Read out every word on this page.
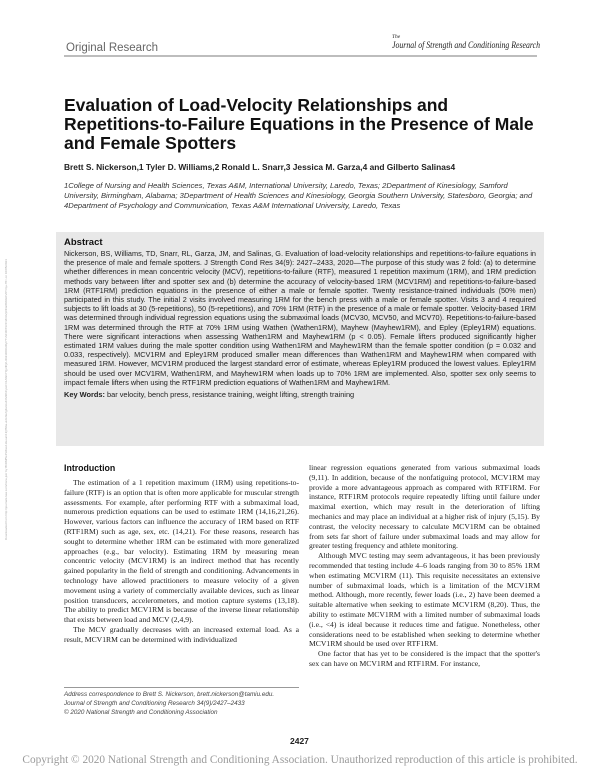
Original Research
The
Journal of Strength and Conditioning Research
Evaluation of Load-Velocity Relationships and Repetitions-to-Failure Equations in the Presence of Male and Female Spotters
Brett S. Nickerson,1 Tyler D. Williams,2 Ronald L. Snarr,3 Jessica M. Garza,4 and Gilberto Salinas4
1College of Nursing and Health Sciences, Texas A&M, International University, Laredo, Texas; 2Department of Kinesiology, Samford University, Birmingham, Alabama; 3Department of Health Sciences and Kinesiology, Georgia Southern University, Statesboro, Georgia; and 4Department of Psychology and Communication, Texas A&M International University, Laredo, Texas
Downloaded from http://journals.lww.com/nsca-jscr by BhDMf5ePHKav1zEoum1tQfN4a+kJLhEZgbsIHo4XMi0hCywCX1AWnYQp/IlQrHD3i3D0OdRyi7TvSFl4Cf3VC4/OAVpDDa8KKGKV0Ymy+78= on 10/05/2023
Abstract

Nickerson, BS, Williams, TD, Snarr, RL, Garza, JM, and Salinas, G. Evaluation of load-velocity relationships and repetitions-to-failure equations in the presence of male and female spotters. J Strength Cond Res 34(9): 2427–2433, 2020—The purpose of this study was 2 fold: (a) to determine whether differences in mean concentric velocity (MCV), repetitions-to-failure (RTF), measured 1 repetition maximum (1RM), and 1RM prediction methods vary between lifter and spotter sex and (b) determine the accuracy of velocity-based 1RM (MCV1RM) and repetitions-to-failure-based 1RM (RTF1RM) prediction equations in the presence of either a male or female spotter. Twenty resistance-trained individuals (50% men) participated in this study. The initial 2 visits involved measuring 1RM for the bench press with a male or female spotter. Visits 3 and 4 required subjects to lift loads at 30 (5-repetitions), 50 (5-repetitions), and 70% 1RM (RTF) in the presence of a male or female spotter. Velocity-based 1RM was determined through individual regression equations using the submaximal loads (MCV30, MCV50, and MCV70). Repetitions-to-failure-based 1RM was determined through the RTF at 70% 1RM using Wathen (Wathen1RM), Mayhew (Mayhew1RM), and Epley (Epley1RM) equations. There were significant interactions when assessing Wathen1RM and Mayhew1RM (p < 0.05). Female lifters produced significantly higher estimated 1RM values during the male spotter condition using Wathen1RM and Mayhew1RM than the female spotter condition (p = 0.032 and 0.033, respectively). MCV1RM and Epley1RM produced smaller mean differences than Wathen1RM and Mayhew1RM when compared with measured 1RM. However, MCV1RM produced the largest standard error of estimate, whereas Epley1RM produced the lowest values. Epley1RM should be used over MCV1RM, Wathen1RM, and Mayhew1RM when loads up to 70% 1RM are implemented. Also, spotter sex only seems to impact female lifters when using the RTF1RM prediction equations of Wathen1RM and Mayhew1RM.

Key Words: bar velocity, bench press, resistance training, weight lifting, strength training
Introduction

The estimation of a 1 repetition maximum (1RM) using repetitions-to-failure (RTF) is an option that is often more applicable for muscular strength assessments. For example, after performing RTF with a submaximal load, numerous prediction equations can be used to estimate 1RM (14,16,21,26). However, various factors can influence the accuracy of 1RM based on RTF (RTF1RM) such as age, sex, etc. (14,21). For these reasons, research has sought to determine whether 1RM can be estimated with more generalized approaches (e.g., bar velocity). Estimating 1RM by measuring mean concentric velocity (MCV1RM) is an indirect method that has recently gained popularity in the field of strength and conditioning. Advancements in technology have allowed practitioners to measure velocity of a given movement using a variety of commercially available devices, such as linear position transducers, accelerometers, and motion capture systems (13,18). The ability to predict MCV1RM is because of the inverse linear relationship that exists between load and MCV (2,4,9).

The MCV gradually decreases with an increased external load. As a result, MCV1RM can be determined with individualized

linear regression equations generated from various submaximal loads (9,11). In addition, because of the nonfatiguing protocol, MCV1RM may provide a more advantageous approach as compared with RTF1RM. For instance, RTF1RM protocols require repeatedly lifting until failure under maximal exertion, which may result in the deterioration of lifting mechanics and may place an individual at a higher risk of injury (5,15). By contrast, the velocity necessary to calculate MCV1RM can be obtained from sets far short of failure under submaximal loads and may allow for greater testing frequency and athlete monitoring.

Although MVC testing may seem advantageous, it has been previously recommended that testing include 4–6 loads ranging from 30 to 85% 1RM when estimating MCV1RM (11). This requisite necessitates an extensive number of submaximal loads, which is a limitation of the MCV1RM method. Although, more recently, fewer loads (i.e., 2) have been deemed a suitable alternative when seeking to estimate MCV1RM (8,20). Thus, the ability to estimate MCV1RM with a limited number of submaximal loads (i.e., <4) is ideal because it reduces time and fatigue. Nonetheless, other considerations need to be established when seeking to determine whether MCV1RM should be used over RTF1RM.

One factor that has yet to be considered is the impact that the spotter's sex can have on MCV1RM and RTF1RM. For instance,

Address correspondence to Brett S. Nickerson, brett.nickerson@tamiu.edu.
Journal of Strength and Conditioning Research 34(9)/2427–2433
© 2020 National Strength and Conditioning Association
2427
Copyright © 2020 National Strength and Conditioning Association. Unauthorized reproduction of this article is prohibited.
